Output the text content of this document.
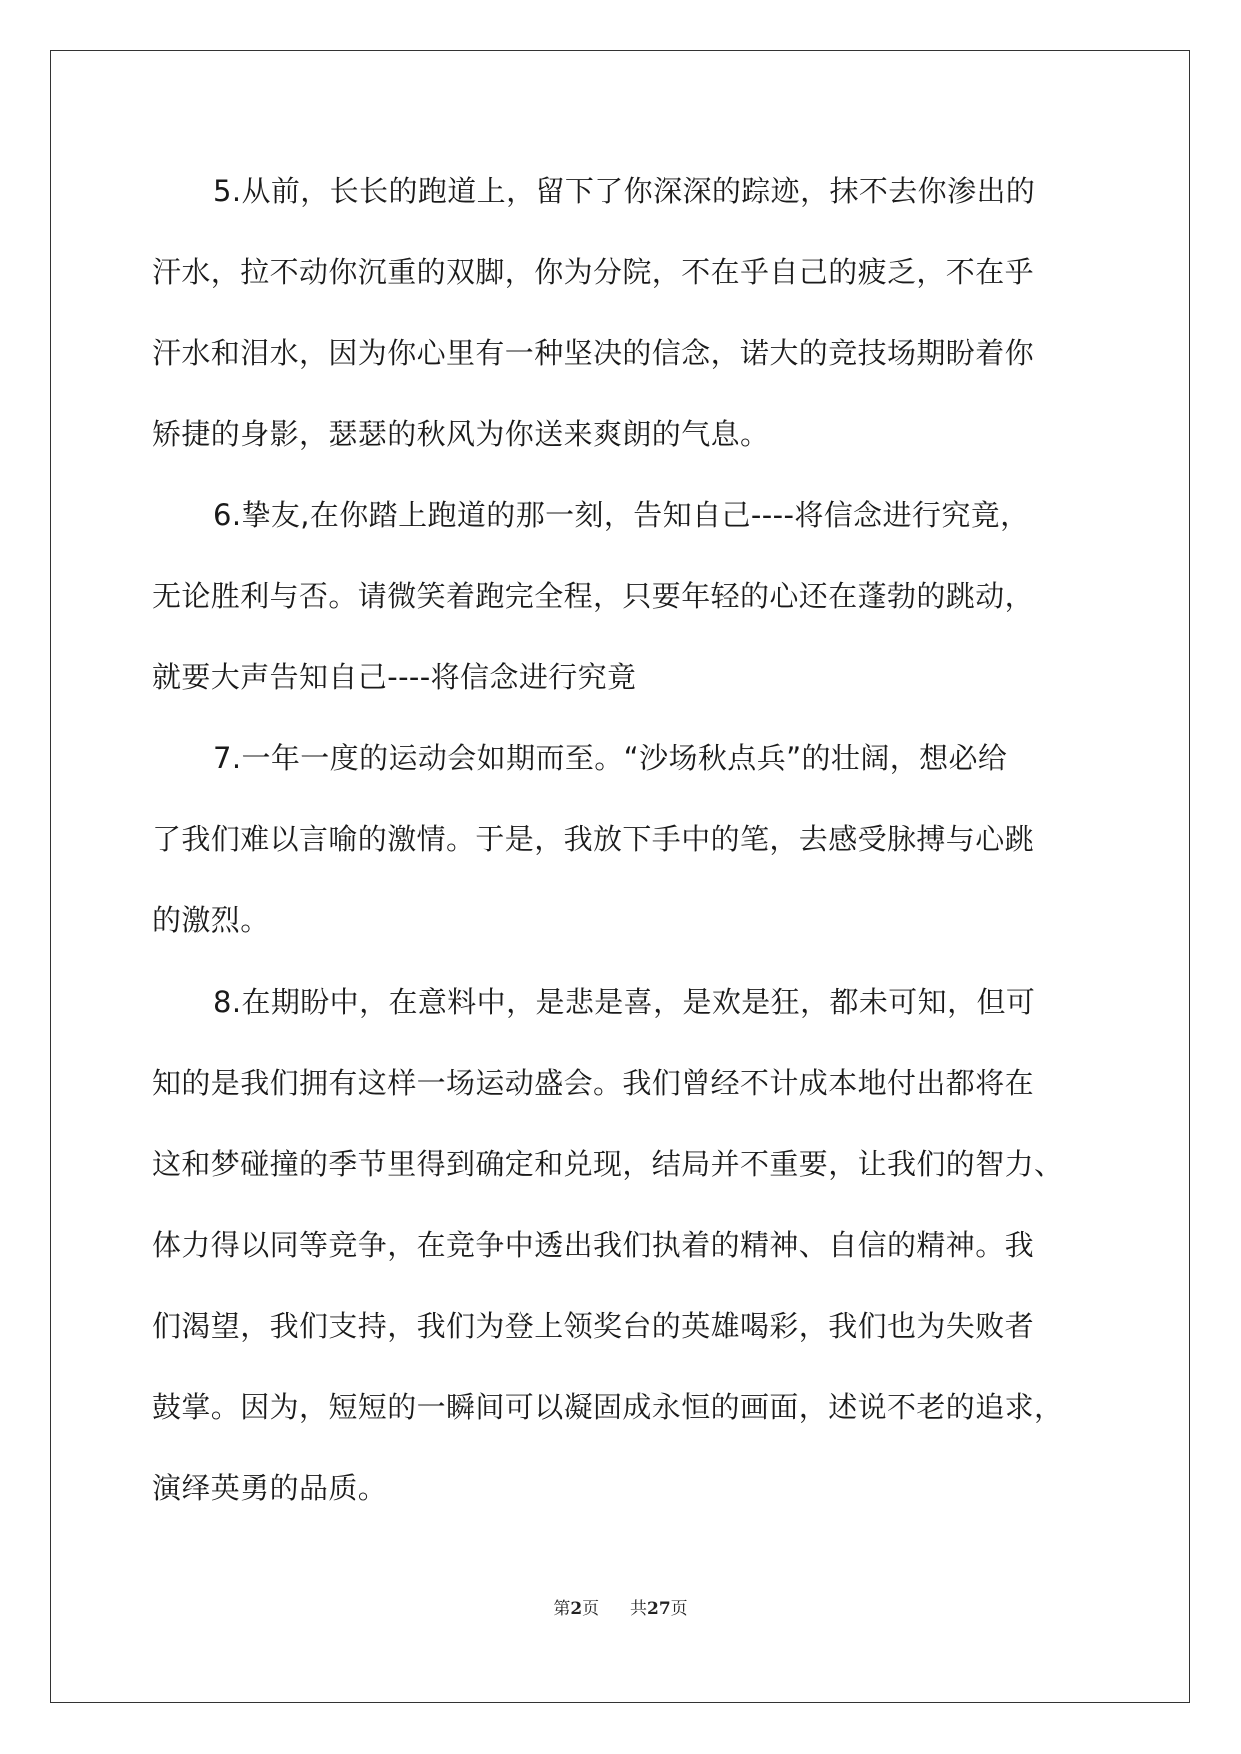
5.从前，长长的跑道上，留下了你深深的踪迹，抹不去你渗出的
汗水，拉不动你沉重的双脚，你为分院，不在乎自己的疲乏，不在乎
汗水和泪水，因为你心里有一种坚决的信念，诺大的竞技场期盼着你
矫捷的身影，瑟瑟的秋风为你送来爽朗的气息。
6.挚友,在你踏上跑道的那一刻，告知自己----将信念进行究竟，
无论胜利与否。请微笑着跑完全程，只要年轻的心还在蓬勃的跳动，
就要大声告知自己----将信念进行究竟
7.一年一度的运动会如期而至。“沙场秋点兵”的壮阔，想必给
了我们难以言喻的激情。于是，我放下手中的笔，去感受脉搏与心跳
的激烈。
8.在期盼中，在意料中，是悲是喜，是欢是狂，都未可知，但可
知的是我们拥有这样一场运动盛会。我们曾经不计成本地付出都将在
这和梦碰撞的季节里得到确定和兑现，结局并不重要，让我们的智力、
体力得以同等竞争，在竞争中透出我们执着的精神、自信的精神。我
们渴望，我们支持，我们为登上领奖台的英雄喝彩，我们也为失败者
鼓掌。因为，短短的一瞬间可以凝固成永恒的画面，述说不老的追求，
演绎英勇的品质。
第2页 共27页
